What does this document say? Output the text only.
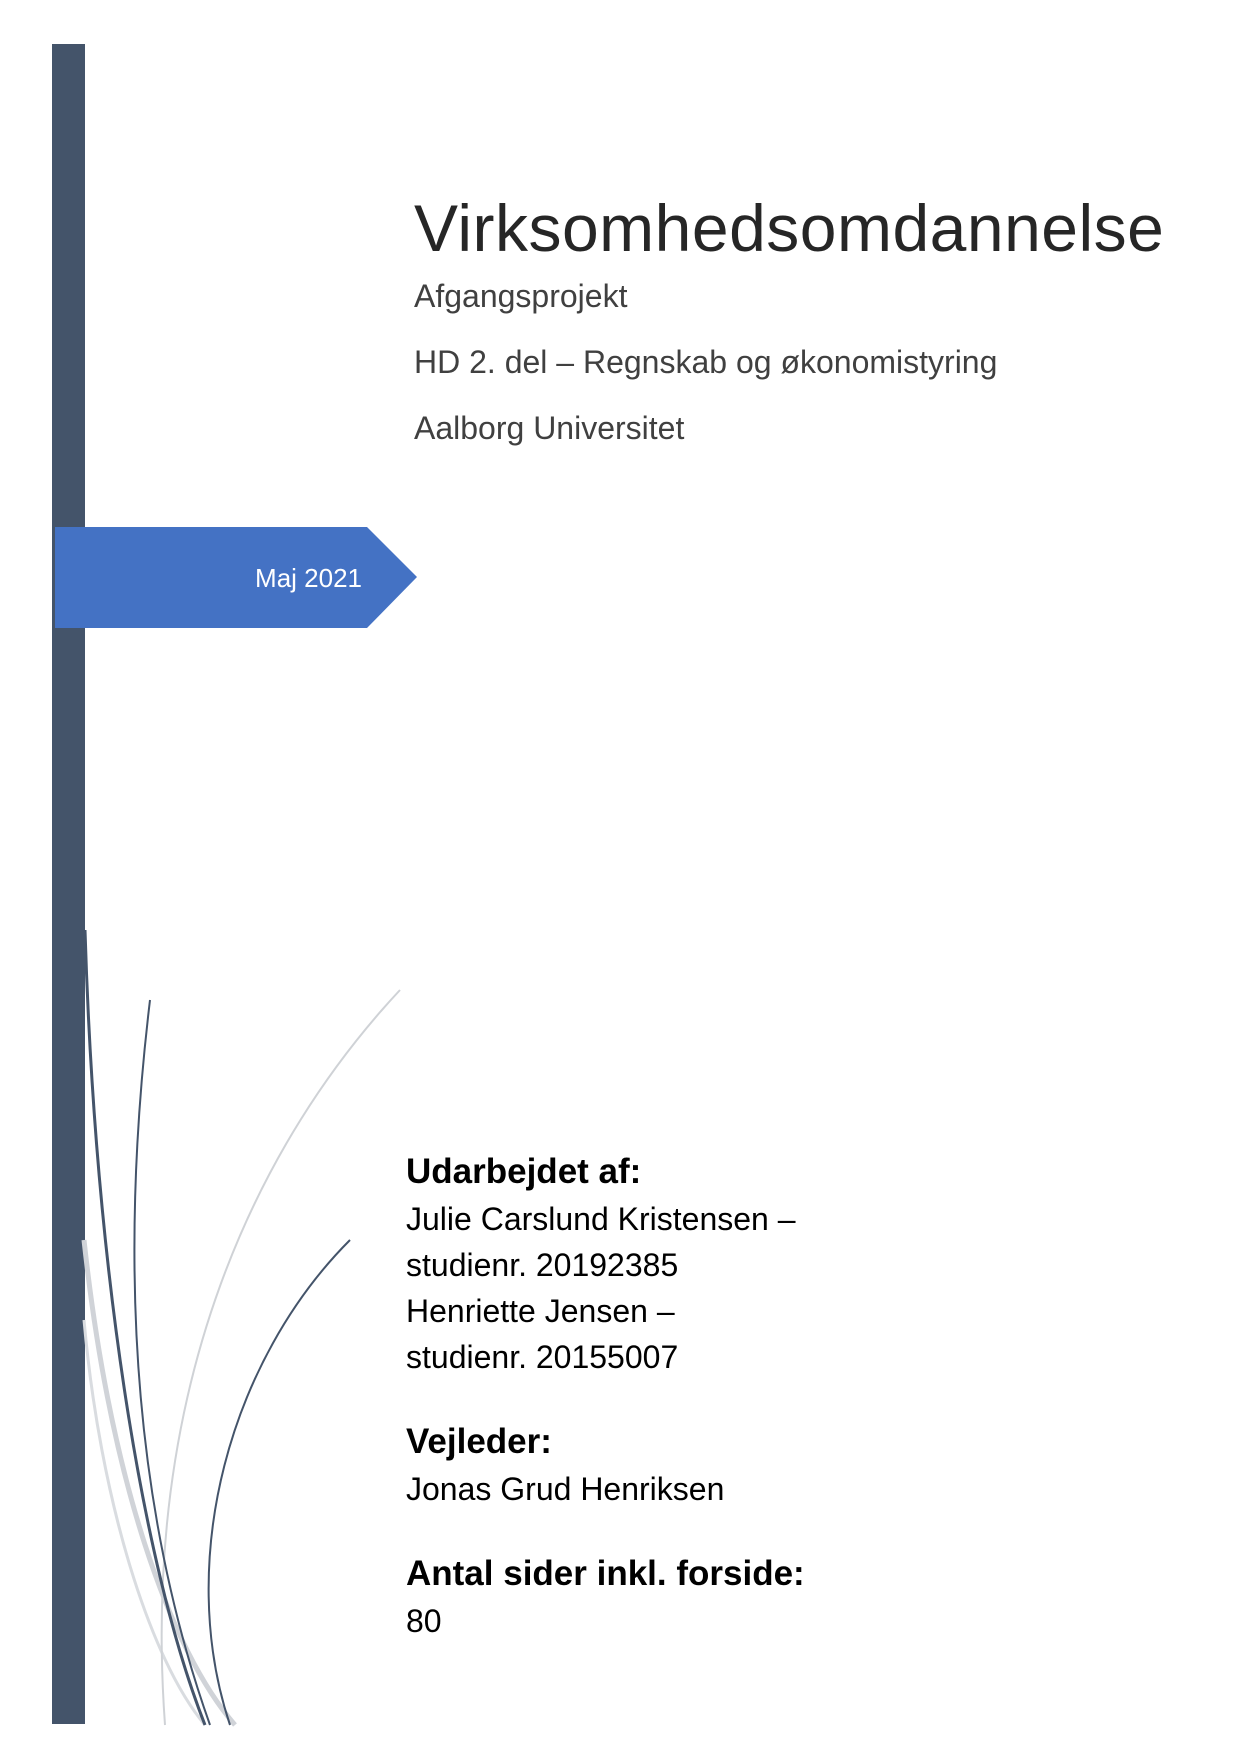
Maj 2021
Virksomhedsomdannelse

Afgangsprojekt

HD 2. del – Regnskab og økonomistyring

Aalborg Universitet

Udarbejdet af:

Julie Carslund Kristensen –

studienr. 20192385

Henriette Jensen –

studienr. 20155007

Vejleder:

Jonas Grud Henriksen

Antal sider inkl. forside:

80
